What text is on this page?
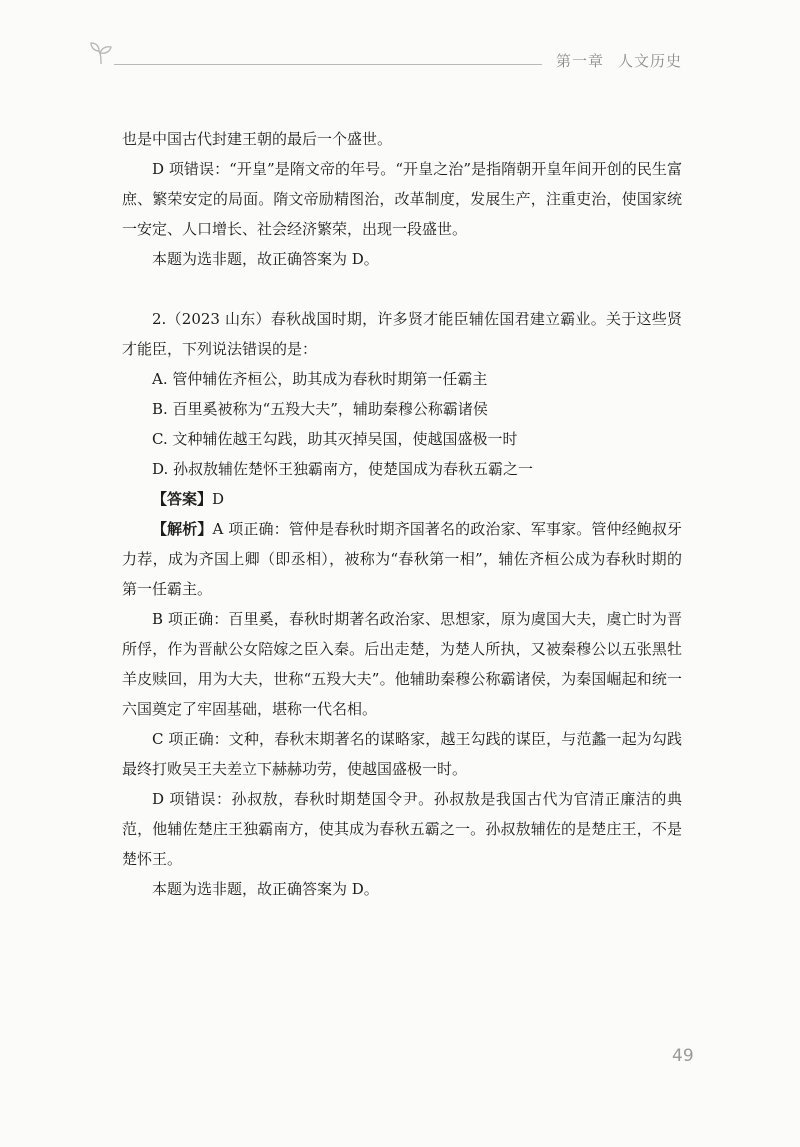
第一章 人文历史

也是中国古代封建王朝的最后一个盛世。

D 项错误：“开皇”是隋文帝的年号。“开皇之治”是指隋朝开皇年间开创的民生富庶、繁荣安定的局面。隋文帝励精图治，改革制度，发展生产，注重吏治，使国家统一安定、人口增长、社会经济繁荣，出现一段盛世。

本题为选非题，故正确答案为 D。

2.（2023 山东）春秋战国时期，许多贤才能臣辅佐国君建立霸业。关于这些贤才能臣，下列说法错误的是：

A. 管仲辅佐齐桓公，助其成为春秋时期第一任霸主

B. 百里奚被称为“五羖大夫”，辅助秦穆公称霸诸侯

C. 文种辅佐越王勾践，助其灭掉吴国，使越国盛极一时

D. 孙叔敖辅佐楚怀王独霸南方，使楚国成为春秋五霸之一

【答案】D

【解析】A 项正确：管仲是春秋时期齐国著名的政治家、军事家。管仲经鲍叔牙力荐，成为齐国上卿（即丞相），被称为“春秋第一相”，辅佐齐桓公成为春秋时期的第一任霸主。

B 项正确：百里奚，春秋时期著名政治家、思想家，原为虞国大夫，虞亡时为晋所俘，作为晋献公女陪嫁之臣入秦。后出走楚，为楚人所执，又被秦穆公以五张黑牡羊皮赎回，用为大夫，世称“五羖大夫”。他辅助秦穆公称霸诸侯，为秦国崛起和统一六国奠定了牢固基础，堪称一代名相。

C 项正确：文种，春秋末期著名的谋略家，越王勾践的谋臣，与范蠡一起为勾践最终打败吴王夫差立下赫赫功劳，使越国盛极一时。

D 项错误：孙叔敖，春秋时期楚国令尹。孙叔敖是我国古代为官清正廉洁的典范，他辅佐楚庄王独霸南方，使其成为春秋五霸之一。孙叔敖辅佐的是楚庄王，不是楚怀王。

本题为选非题，故正确答案为 D。

49
